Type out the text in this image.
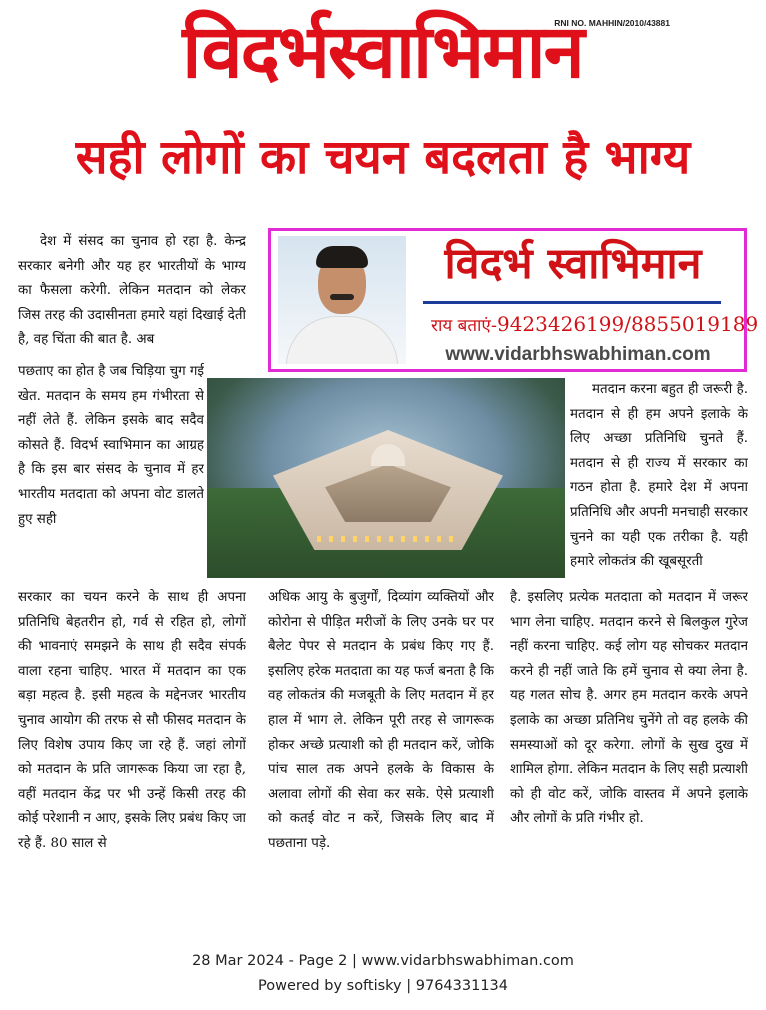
RNI NO. MAHHIN/2010/43881
विदर्भस्वाभिमान
सही लोगों का चयन बदलता है भाग्य

देश में संसद का चुनाव हो रहा है. केन्द्र सरकार बनेगी और यह हर भारतीयों के भाग्य का फैसला करेगी. लेकिन मतदान को लेकर जिस तरह की उदासीनता हमारे यहां दिखाई देती है, वह चिंता की बात है. अब

पछताए का होत है जब चिड़िया चुग गई खेत. मतदान के समय हम गंभीरता से नहीं लेते हैं. लेकिन इसके बाद सदैव कोसते हैं. विदर्भ स्वाभिमान का आग्रह है कि इस बार संसद के चुनाव में हर भारतीय मतदाता को अपना वोट डालते हुए सही

सरकार का चयन करने के साथ ही अपना प्रतिनिधि बेहतरीन हो, गर्व से रहित हो, लोगों की भावनाएं समझने के साथ ही सदैव संपर्क वाला रहना चाहिए. भारत में मतदान का एक बड़ा महत्व है. इसी महत्व के मद्देनजर भारतीय चुनाव आयोग की तरफ से सौ फीसद मतदान के लिए विशेष उपाय किए जा रहे हैं. जहां लोगों को मतदान के प्रति जागरूक किया जा रहा है, वहीं मतदान केंद्र पर भी उन्हें किसी तरह की कोई परेशानी न आए, इसके लिए प्रबंध किए जा रहे हैं. 80 साल से

विदर्भ स्वाभिमान
राय बताएं-9423426199/8855019189
www.vidarbhswabhiman.com

मतदान करना बहुत ही जरूरी है. मतदान से ही हम अपने इलाके के लिए अच्छा प्रतिनिधि चुनते हैं. मतदान से ही राज्य में सरकार का गठन होता है. हमारे देश में अपना प्रतिनिधि और अपनी मनचाही सरकार चुनने का यही एक तरीका है. यही हमारे लोकतंत्र की खूबसूरती

अधिक आयु के बुजुर्गों, दिव्यांग व्यक्तियों और कोरोना से पीड़ित मरीजों के लिए उनके घर पर बैलेट पेपर से मतदान के प्रबंध किए गए हैं. इसलिए हरेक मतदाता का यह फर्ज बनता है कि वह लोकतंत्र की मजबूती के लिए मतदान में हर हाल में भाग ले. लेकिन पूरी तरह से जागरूक होकर अच्छे प्रत्याशी को ही मतदान करें, जोकि पांच साल तक अपने हलके के विकास के अलावा लोगों की सेवा कर सके. ऐसे प्रत्याशी को कतई वोट न करें, जिसके लिए बाद में पछताना पड़े.

है. इसलिए प्रत्येक मतदाता को मतदान में जरूर भाग लेना चाहिए. मतदान करने से बिलकुल गुरेज नहीं करना चाहिए. कई लोग यह सोचकर मतदान करने ही नहीं जाते कि हमें चुनाव से क्या लेना है. यह गलत सोच है. अगर हम मतदान करके अपने इलाके का अच्छा प्रतिनिध चुनेंगे तो वह हलके की समस्याओं को दूर करेगा. लोगों के सुख दुख में शामिल होगा. लेकिन मतदान के लिए सही प्रत्याशी को ही वोट करें, जोकि वास्तव में अपने इलाके और लोगों के प्रति गंभीर हो.

28 Mar 2024 - Page 2 | www.vidarbhswabhiman.com
Powered by softisky | 9764331134
